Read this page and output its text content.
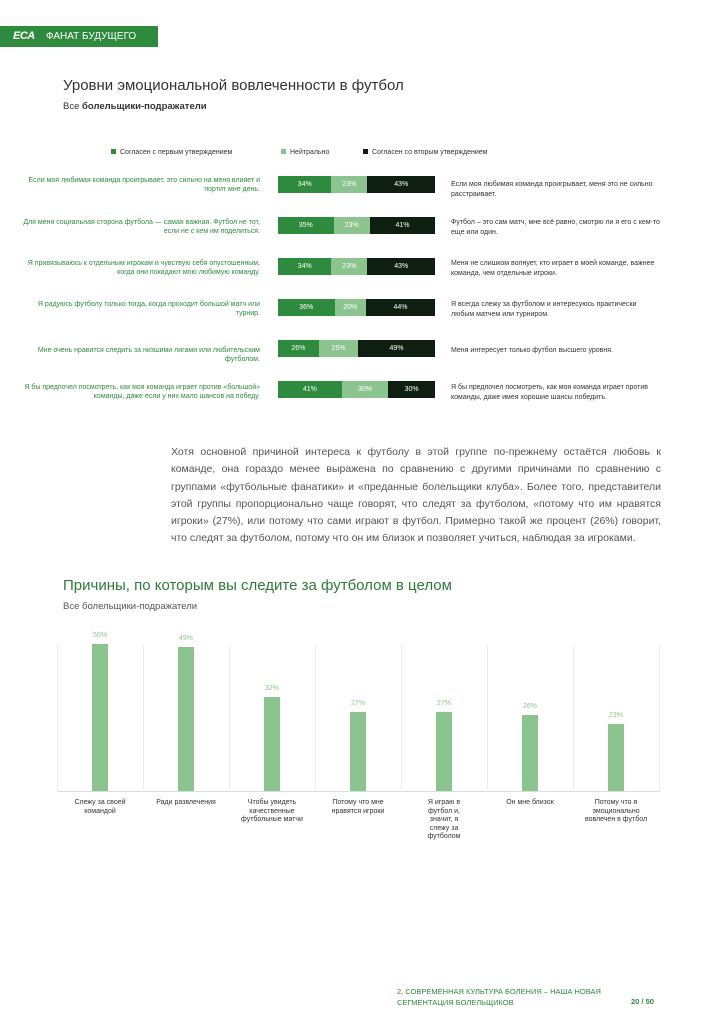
ECA ФАНАТ БУДУЩЕГО
Уровни эмоциональной вовлеченности в футбол
Все болельщики-подражатели
Согласен с первым утверждением	Нейтрально	Согласен со вторым утверждением
Если моя любимая команда проигрывает, это сильно на меня влияет и портит мне день.
34%	23%	43%	Если моя любимая команда проигрывает, меня это не сильно расстраивает.
Для меня социальная сторона футбола — самая важная. Футбол не тот, если не с кем им поделиться.
35%	23%	41%	Футбол – это сам матч, мне всё равно, смотрю ли я его с кем-то еще или один.
Я привязываюсь к отдельным игрокам и чувствую себя опустошенным, когда они покидают мою любимую команду.
34%	23%	43%	Меня не слишком волнует, кто играет в моей команде, важнее команда, чем отдельные игроки.
Я радуюсь футболу только тогда, когда проходит большой матч или турнир.
36%	20%	44%	Я всегда слежу за футболом и интересуюсь практически любым матчем или турниром.
Мне очень нравится следить за низшими лигами или любительским футболом.
26%	25%	49%	Меня интересует только футбол высшего уровня.
Я бы предпочел посмотреть, как моя команда играет против «большой» команды, даже если у них мало шансов на победу.
41%	30%	30%	Я бы предпочел посмотреть, как моя команда играет против команды, даже имея хорошие шансы победить.
Хотя основной причиной интереса к футболу в этой группе по-прежнему остаётся любовь к команде, она гораздо менее выражена по сравнению с другими причинами по сравнению с группами «футбольные фанатики» и «преданные болельщики клуба». Более того, представители этой группы пропорционально чаще говорят, что следят за футболом, «потому что им нравятся игроки» (27%), или потому что сами играют в футбол. Примерно такой же процент (26%) говорит, что следят за футболом, потому что он им близок и позволяет учиться, наблюдая за игроками.
Причины, по которым вы следите за футболом в целом
Все болельщики-подражатели
50%
Слежу за своей командой
49%
Ради развлечения
32%
Чтобы увидеть качественные футбольные матчи
27%
Потому что мне нравятся игроки
27%
Я играю в футбол и, значит, я слежу за футболом
26%
Он мне близок
23%
Потому что я эмоционально вовлечен в футбол
2. СОВРЕМЕННАЯ КУЛЬТУРА БОЛЕНИЯ – НАША НОВАЯ
СЕГМЕНТАЦИЯ БОЛЕЛЬЩИКОВ	20 / 50
